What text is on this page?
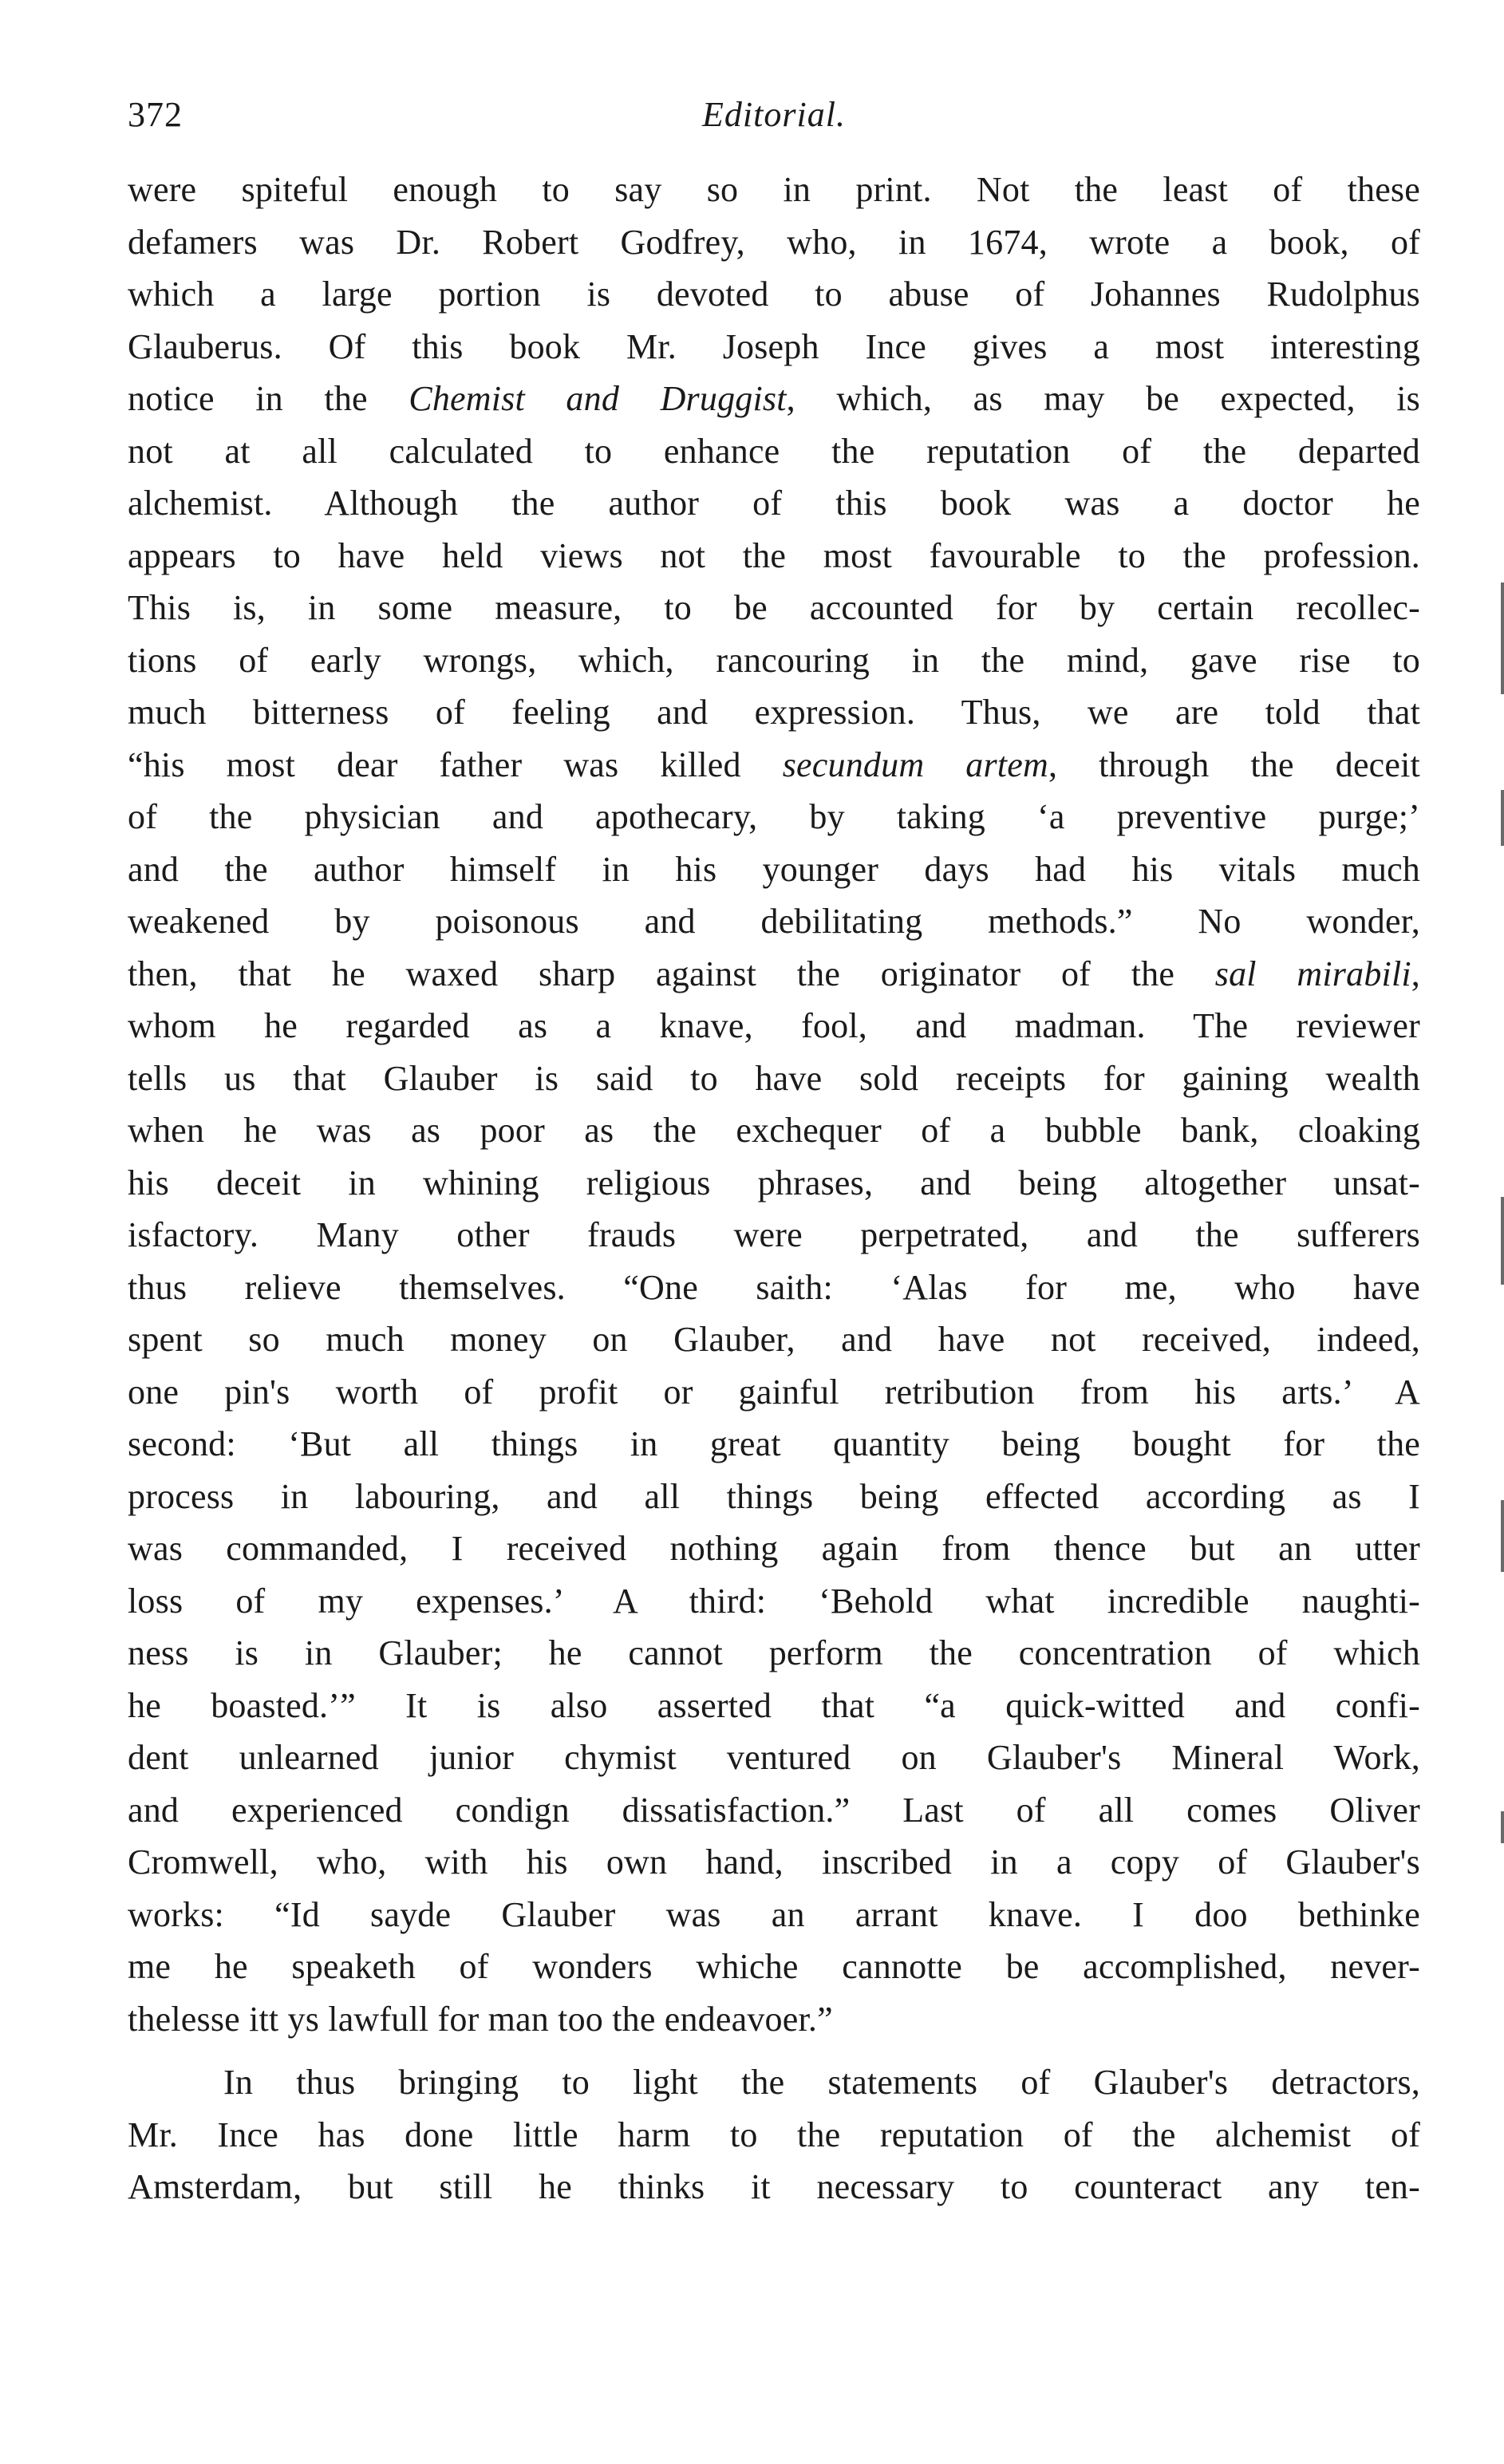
372	Editorial.
were spiteful enough to say so in print. Not the least of these
defamers was Dr. Robert Godfrey, who, in 1674, wrote a book, of
which a large portion is devoted to abuse of Johannes Rudolphus
Glauberus. Of this book Mr. Joseph Ince gives a most interesting
notice in the Chemist and Druggist, which, as may be expected, is
not at all calculated to enhance the reputation of the departed
alchemist. Although the author of this book was a doctor he
appears to have held views not the most favourable to the profession.
This is, in some measure, to be accounted for by certain recollec-
tions of early wrongs, which, rancouring in the mind, gave rise to
much bitterness of feeling and expression. Thus, we are told that
“his most dear father was killed secundum artem, through the deceit
of the physician and apothecary, by taking ‘a preventive purge;’
and the author himself in his younger days had his vitals much
weakened by poisonous and debilitating methods.” No wonder,
then, that he waxed sharp against the originator of the sal mirabili,
whom he regarded as a knave, fool, and madman. The reviewer
tells us that Glauber is said to have sold receipts for gaining wealth
when he was as poor as the exchequer of a bubble bank, cloaking
his deceit in whining religious phrases, and being altogether unsat-
isfactory. Many other frauds were perpetrated, and the sufferers
thus relieve themselves. “One saith: ‘Alas for me, who have
spent so much money on Glauber, and have not received, indeed,
one pin's worth of profit or gainful retribution from his arts.’ A
second: ‘But all things in great quantity being bought for the
process in labouring, and all things being effected according as I
was commanded, I received nothing again from thence but an utter
loss of my expenses.’ A third: ‘Behold what incredible naughti-
ness is in Glauber; he cannot perform the concentration of which
he boasted.’” It is also asserted that “a quick-witted and confi-
dent unlearned junior chymist ventured on Glauber's Mineral Work,
and experienced condign dissatisfaction.” Last of all comes Oliver
Cromwell, who, with his own hand, inscribed in a copy of Glauber's
works: “Id sayde Glauber was an arrant knave. I doo bethinke
me he speaketh of wonders whiche cannotte be accomplished, never-
thelesse itt ys lawfull for man too the endeavoer.”
In thus bringing to light the statements of Glauber's detractors,
Mr. Ince has done little harm to the reputation of the alchemist of
Amsterdam, but still he thinks it necessary to counteract any ten-
